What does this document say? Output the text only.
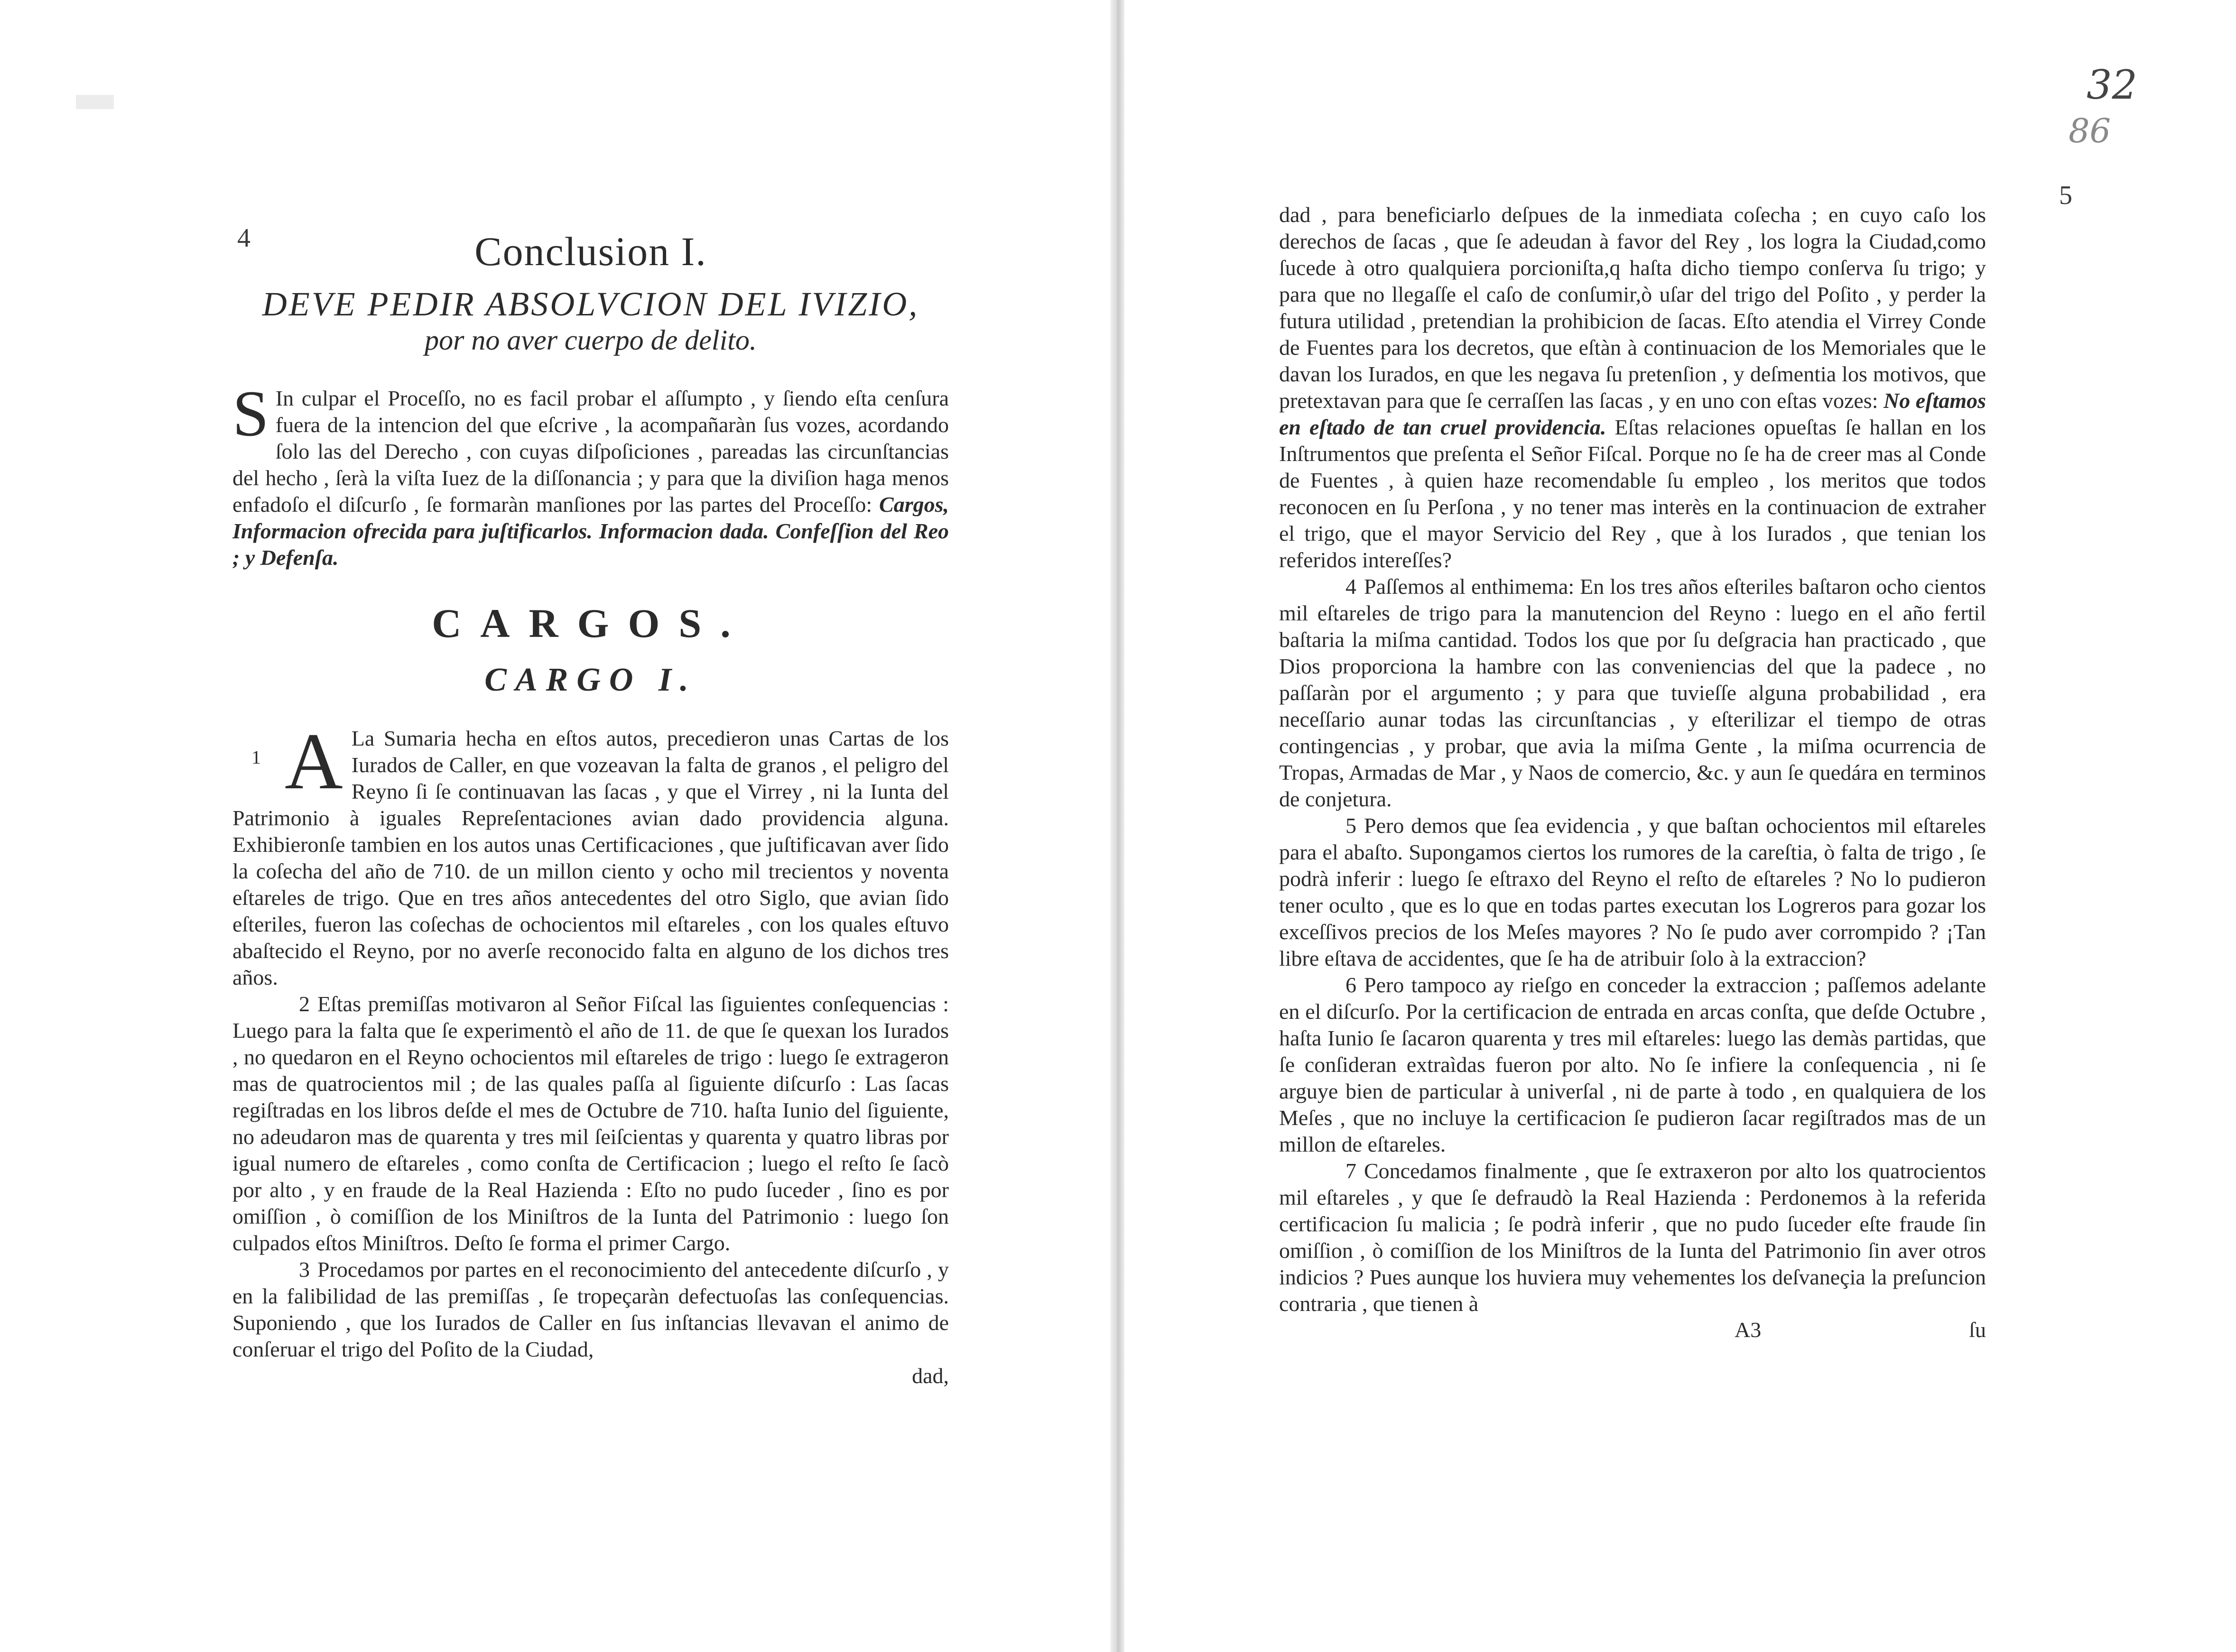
4	Conclusion I.
DEVE PEDIR ABSOLVCION DEL IVIZIO,
por no aver cuerpo de delito.
S In culpar el Proceſſo, no es facil probar el aſſumpto , y ſiendo eſta cenſura fuera de la intencion del que eſcrive , la acompañaràn ſus vozes, acordando ſolo las del Derecho , con cuyas diſpoſiciones , pareadas las circunſtancias del hecho , ſerà la viſta Iuez de la diſſonancia ; y para que la diviſion haga menos enfadoſo el diſcurſo , ſe formaràn manſiones por las partes del Proceſſo: Cargos, Informacion ofrecida para juſtificarlos. Informacion dada. Confeſſion del Reo ; y Defenſa.
CARGOS.
CARGO I.
1 A La Sumaria hecha en eſtos autos, precedieron unas Cartas de los Iurados de Caller, en que vozeavan la falta de granos , el peligro del Reyno ſi ſe continuavan las ſacas , y que el Virrey , ni la Iunta del Patrimonio à iguales Repreſentaciones avian dado providencia alguna. Exhibieronſe tambien en los autos unas Certificaciones , que juſtificavan aver ſido la coſecha del año de 710. de un millon ciento y ocho mil trecientos y noventa eſtareles de trigo. Que en tres años antecedentes del otro Siglo, que avian ſido eſteriles, fueron las coſechas de ochocientos mil eſtareles , con los quales eſtuvo abaſtecido el Reyno, por no averſe reconocido falta en alguno de los dichos tres años.

2 Eſtas premiſſas motivaron al Señor Fiſcal las ſiguientes conſequencias : Luego para la falta que ſe experimentò el año de 11. de que ſe quexan los Iurados , no quedaron en el Reyno ochocientos mil eſtareles de trigo : luego ſe extrageron mas de quatrocientos mil ; de las quales paſſa al ſiguiente diſcurſo : Las ſacas regiſtradas en los libros deſde el mes de Octubre de 710. haſta Iunio del ſiguiente, no adeudaron mas de quarenta y tres mil ſeiſcientas y quarenta y quatro libras por igual numero de eſtareles , como conſta de Certificacion ; luego el reſto ſe ſacò por alto , y en fraude de la Real Hazienda : Eſto no pudo ſuceder , ſino es por omiſſion , ò comiſſion de los Miniſtros de la Iunta del Patrimonio : luego ſon culpados eſtos Miniſtros. Deſto ſe forma el primer Cargo.

3 Procedamos por partes en el reconocimiento del antecedente diſcurſo , y en la falibilidad de las premiſſas , ſe tropeçaràn defectuoſas las conſequencias. Suponiendo , que los Iurados de Caller en ſus inſtancias llevavan el animo de conſeruar el trigo del Poſito de la Ciudad,

dad,
32
86
5

dad , para beneficiarlo deſpues de la inmediata coſecha ; en cuyo caſo los derechos de ſacas , que ſe adeudan à favor del Rey , los logra la Ciudad,como ſucede à otro qualquiera porcioniſta,q haſta dicho tiempo conſerva ſu trigo; y para que no llegaſſe el caſo de conſumir,ò uſar del trigo del Poſito , y perder la futura utilidad , pretendian la prohibicion de ſacas. Eſto atendia el Virrey Conde de Fuentes para los decretos, que eſtàn à continuacion de los Memoriales que le davan los Iurados, en que les negava ſu pretenſion , y deſmentia los motivos, que pretextavan para que ſe cerraſſen las ſacas , y en uno con eſtas vozes: No eſtamos en eſtado de tan cruel providencia. Eſtas relaciones opueſtas ſe hallan en los Inſtrumentos que preſenta el Señor Fiſcal. Porque no ſe ha de creer mas al Conde de Fuentes , à quien haze recomendable ſu empleo , los meritos que todos reconocen en ſu Perſona , y no tener mas interès en la continuacion de extraher el trigo, que el mayor Servicio del Rey , que à los Iurados , que tenian los referidos intereſſes?

4 Paſſemos al enthimema: En los tres años eſteriles baſtaron ocho cientos mil eſtareles de trigo para la manutencion del Reyno : luego en el año fertil baſtaria la miſma cantidad. Todos los que por ſu deſgracia han practicado , que Dios proporciona la hambre con las conveniencias del que la padece , no paſſaràn por el argumento ; y para que tuvieſſe alguna probabilidad , era neceſſario aunar todas las circunſtancias , y eſterilizar el tiempo de otras contingencias , y probar, que avia la miſma Gente , la miſma ocurrencia de Tropas, Armadas de Mar , y Naos de comercio, &c. y aun ſe quedára en terminos de conjetura.

5 Pero demos que ſea evidencia , y que baſtan ochocientos mil eſtareles para el abaſto. Supongamos ciertos los rumores de la careſtia, ò falta de trigo , ſe podrà inferir : luego ſe eſtraxo del Reyno el reſto de eſtareles ? No lo pudieron tener oculto , que es lo que en todas partes executan los Logreros para gozar los exceſſivos precios de los Meſes mayores ? No ſe pudo aver corrompido ? ¡Tan libre eſtava de accidentes, que ſe ha de atribuir ſolo à la extraccion?

6 Pero tampoco ay rieſgo en conceder la extraccion ; paſſemos adelante en el diſcurſo. Por la certificacion de entrada en arcas conſta, que deſde Octubre , haſta Iunio ſe ſacaron quarenta y tres mil eſtareles: luego las demàs partidas, que ſe conſideran extraìdas fueron por alto. No ſe infiere la conſequencia , ni ſe arguye bien de particular à univerſal , ni de parte à todo , en qualquiera de los Meſes , que no incluye la certificacion ſe pudieron ſacar regiſtrados mas de un millon de eſtareles.

7 Concedamos finalmente , que ſe extraxeron por alto los quatrocientos mil eſtareles , y que ſe defraudò la Real Hazienda : Perdonemos à la referida certificacion ſu malicia ; ſe podrà inferir , que no pudo ſuceder eſte fraude ſin omiſſion , ò comiſſion de los Miniſtros de la Iunta del Patrimonio ſin aver otros indicios ? Pues aunque los huviera muy vehementes los deſvaneçia la preſuncion contraria , que tienen à

A3	ſu
